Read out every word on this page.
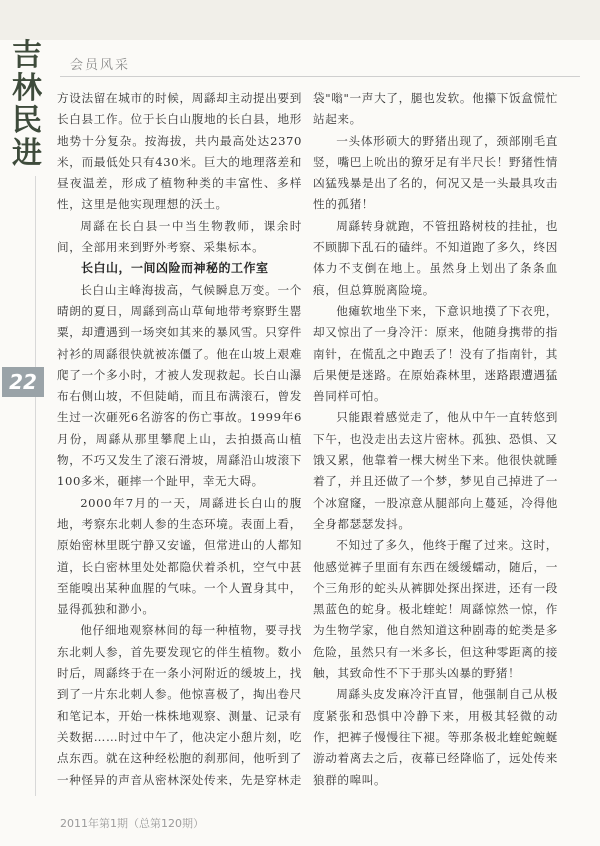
吉
林
民
进
会员风采
22

方设法留在城市的时候，周繇却主动提出要到长白县工作。位于长白山腹地的长白县，地形地势十分复杂。按海拔，共内最高处达2370米，而最低处只有430米。巨大的地理落差和昼夜温差，形成了植物种类的丰富性、多样性，这里是他实现理想的沃土。

周繇在长白县一中当生物教师，课余时间，全部用来到野外考察、采集标本。

长白山，一间凶险而神秘的工作室

长白山主峰海拔高，气候瞬息万变。一个晴朗的夏日，周繇到高山草甸地带考察野生罂粟，却遭遇到一场突如其来的暴风雪。只穿件衬衫的周繇很快就被冻僵了。他在山坡上艰难爬了一个多小时，才被人发现救起。长白山瀑布右侧山坡，不但陡峭，而且布满滚石，曾发生过一次砸死6名游客的伤亡事故。1999年6月份，周繇从那里攀爬上山，去拍摄高山植物，不巧又发生了滚石滑坡，周繇沿山坡滚下100多米，砸摔一个趾甲，幸无大碍。

2000年7月的一天，周繇进长白山的腹地，考察东北刺人参的生态环境。表面上看，原始密林里既宁静又安谧，但常进山的人都知道，长白密林里处处都隐伏着杀机，空气中甚至能嗅出某种血腥的气味。一个人置身其中，显得孤独和渺小。

他仔细地观察林间的每一种植物，要寻找东北刺人参，首先要发现它的伴生植物。数小时后，周繇终于在一条小河附近的缓坡上，找到了一片东北刺人参。他惊喜极了，掏出卷尺和笔记本，开始一株株地观察、测量、记录有关数据……时过中午了，他决定小憩片刻，吃点东西。就在这种经松胞的刹那间，他听到了一种怪异的声音从密林深处传来，先是穿林走

袋"嗡"一声大了，腿也发软。他攥下饭盒慌忙站起来。

一头体形硕大的野猪出现了，颈部刚毛直竖，嘴巴上吮出的獠牙足有半尺长！野猪性情凶猛残暴是出了名的，何况又是一头最具攻击性的孤猪！

周繇转身就跑，不管扭路树枝的挂扯，也不顾脚下乱石的磕绊。不知道跑了多久，终因体力不支倒在地上。虽然身上划出了条条血痕，但总算脱离险境。

他瘫软地坐下来，下意识地摸了下衣兜，却又惊出了一身冷汗：原来，他随身携带的指南针，在慌乱之中跑丢了！没有了指南针，其后果便是迷路。在原始森林里，迷路跟遭遇猛兽同样可怕。

只能跟着感觉走了，他从中午一直转悠到下午，也没走出去这片密林。孤独、恐惧、又饿又累，他靠着一棵大树坐下来。他很快就睡着了，并且还做了一个梦，梦见自己掉进了一个冰窟窿，一股凉意从腿部向上蔓延，冷得他全身都瑟瑟发抖。

不知过了多久，他终于醒了过来。这时，他感觉裤子里面有东西在缓缓蠕动，随后，一个三角形的蛇头从裤脚处探出探进，还有一段黑蓝色的蛇身。极北蝰蛇！周繇惊然一惊，作为生物学家，他自然知道这种剧毒的蛇类是多危险，虽然只有一米多长，但这种零距离的接触，其致命性不下于那头凶暴的野猪！

周繇头皮发麻冷汗直冒，他强制自己从极度紧张和恐惧中冷静下来，用极其轻微的动作，把裤子慢慢往下褪。等那条极北蝰蛇蜿蜒游动着离去之后，夜幕已经降临了，远处传来狼群的嗥叫。

2011年第1期（总第120期）
